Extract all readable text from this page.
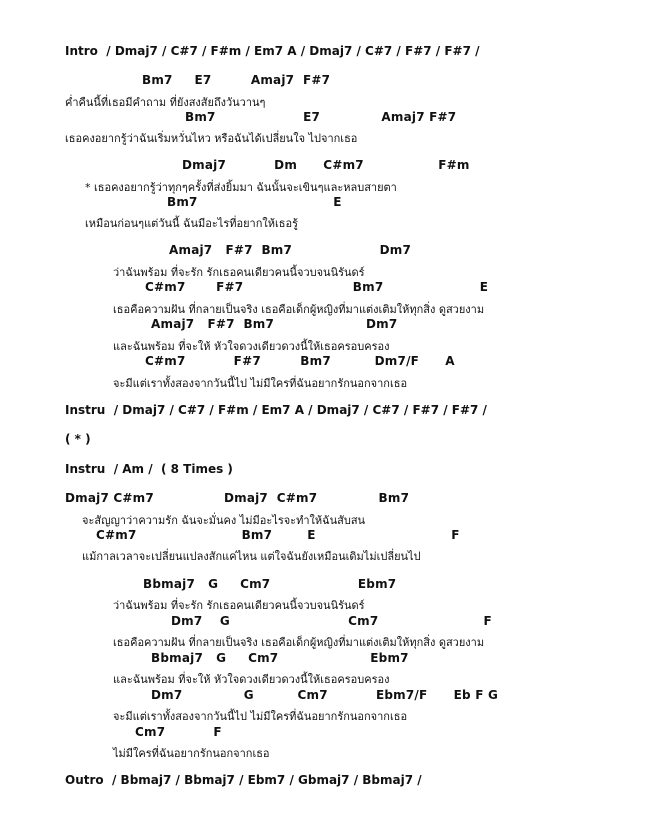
Intro  / Dmaj7 / C#7 / F#m / Em7 A / Dmaj7 / C#7 / F#7 / F#7 /
Bm7     E7         Amaj7  F#7
ค่ำคืนนี้ที่เธอมีคำถาม ที่ยังสงสัยถึงวันวานๆ
Bm7                    E7              Amaj7 F#7
เธอคงอยากรู้ว่าฉันเริ่มหวั่นไหว หรือฉันได้เปลี่ยนใจ ไปจากเธอ
Dmaj7           Dm      C#m7                 F#m
* เธอคงอยากรู้ว่าทุกๆครั้งที่ส่งยิ้มมา ฉันนั้นจะเขินๆและหลบสายตา
Bm7                               E
เหมือนก่อนๆแต่วันนี้ ฉันมีอะไรที่อยากให้เธอรู้
Amaj7   F#7  Bm7                    Dm7
ว่าฉันพร้อม ที่จะรัก รักเธอคนเดียวคนนี้จวบจนนิรันดร์
C#m7       F#7                         Bm7                      E
เธอคือความฝัน ที่กลายเป็นจริง เธอคือเด็กผู้หญิงที่มาแต่งเติมให้ทุกสิ่ง ดูสวยงาม
Amaj7   F#7  Bm7                     Dm7
และฉันพร้อม ที่จะให้ หัวใจดวงเดียวดวงนี้ให้เธอครอบครอง
C#m7           F#7         Bm7          Dm7/F      A
จะมีแต่เราทั้งสองจากวันนี้ไป ไม่มีใครที่ฉันอยากรักนอกจากเธอ
Instru  / Dmaj7 / C#7 / F#m / Em7 A / Dmaj7 / C#7 / F#7 / F#7 /
( * )
Instru  / Am /  ( 8 Times )
Dmaj7 C#m7                Dmaj7  C#m7              Bm7
จะสัญญาว่าความรัก ฉันจะมั่นคง ไม่มีอะไรจะทำให้ฉันสับสน
C#m7                        Bm7        E                               F
แม้กาลเวลาจะเปลี่ยนแปลงสักแค่ไหน แต่ใจฉันยังเหมือนเดิมไม่เปลี่ยนไป
Bbmaj7   G     Cm7                    Ebm7
ว่าฉันพร้อม ที่จะรัก รักเธอคนเดียวคนนี้จวบจนนิรันดร์
Dm7    G                           Cm7                        F
เธอคือความฝัน ที่กลายเป็นจริง เธอคือเด็กผู้หญิงที่มาแต่งเติมให้ทุกสิ่ง ดูสวยงาม
Bbmaj7   G     Cm7                     Ebm7
และฉันพร้อม ที่จะให้ หัวใจดวงเดียวดวงนี้ให้เธอครอบครอง
Dm7              G          Cm7           Ebm7/F      Eb F G
จะมีแต่เราทั้งสองจากวันนี้ไป ไม่มีใครที่ฉันอยากรักนอกจากเธอ
Cm7           F
ไม่มีใครที่ฉันอยากรักนอกจากเธอ
Outro  / Bbmaj7 / Bbmaj7 / Ebm7 / Gbmaj7 / Bbmaj7 /
